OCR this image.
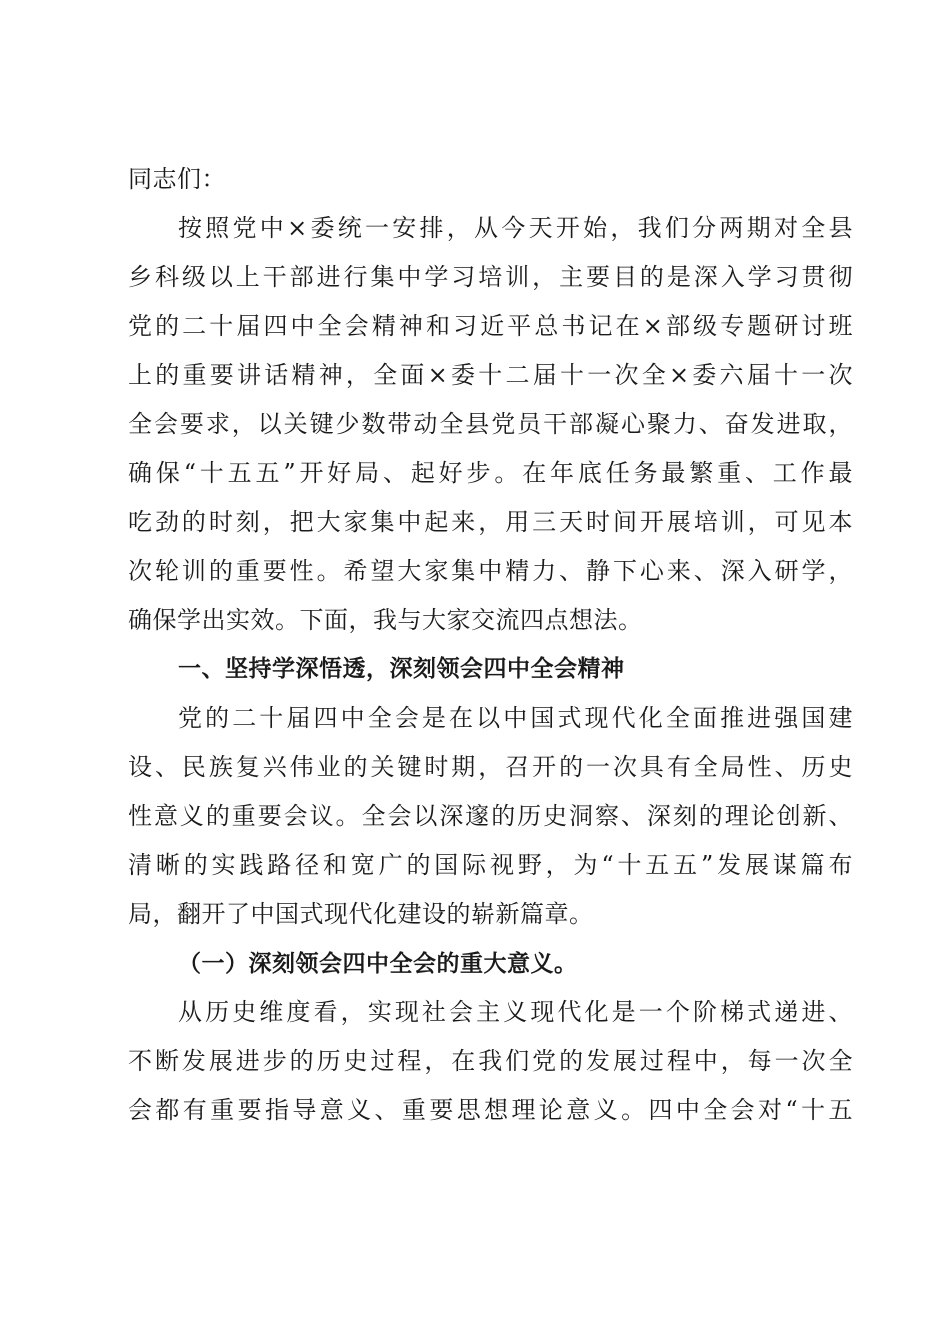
同志们：
按照党中×委统一安排，从今天开始，我们分两期对全县
乡科级以上干部进行集中学习培训，主要目的是深入学习贯彻
党的二十届四中全会精神和习近平总书记在×部级专题研讨班
上的重要讲话精神，全面×委十二届十一次全×委六届十一次
全会要求，以关键少数带动全县党员干部凝心聚力、奋发进取，
确保“十五五”开好局、起好步。在年底任务最繁重、工作最
吃劲的时刻，把大家集中起来，用三天时间开展培训，可见本
次轮训的重要性。希望大家集中精力、静下心来、深入研学，
确保学出实效。下面，我与大家交流四点想法。
一、坚持学深悟透，深刻领会四中全会精神
党的二十届四中全会是在以中国式现代化全面推进强国建
设、民族复兴伟业的关键时期，召开的一次具有全局性、历史
性意义的重要会议。全会以深邃的历史洞察、深刻的理论创新、
清晰的实践路径和宽广的国际视野，为“十五五”发展谋篇布
局，翻开了中国式现代化建设的崭新篇章。
（一）深刻领会四中全会的重大意义。
从历史维度看，实现社会主义现代化是一个阶梯式递进、
不断发展进步的历史过程，在我们党的发展过程中，每一次全
会都有重要指导意义、重要思想理论意义。四中全会对“十五
